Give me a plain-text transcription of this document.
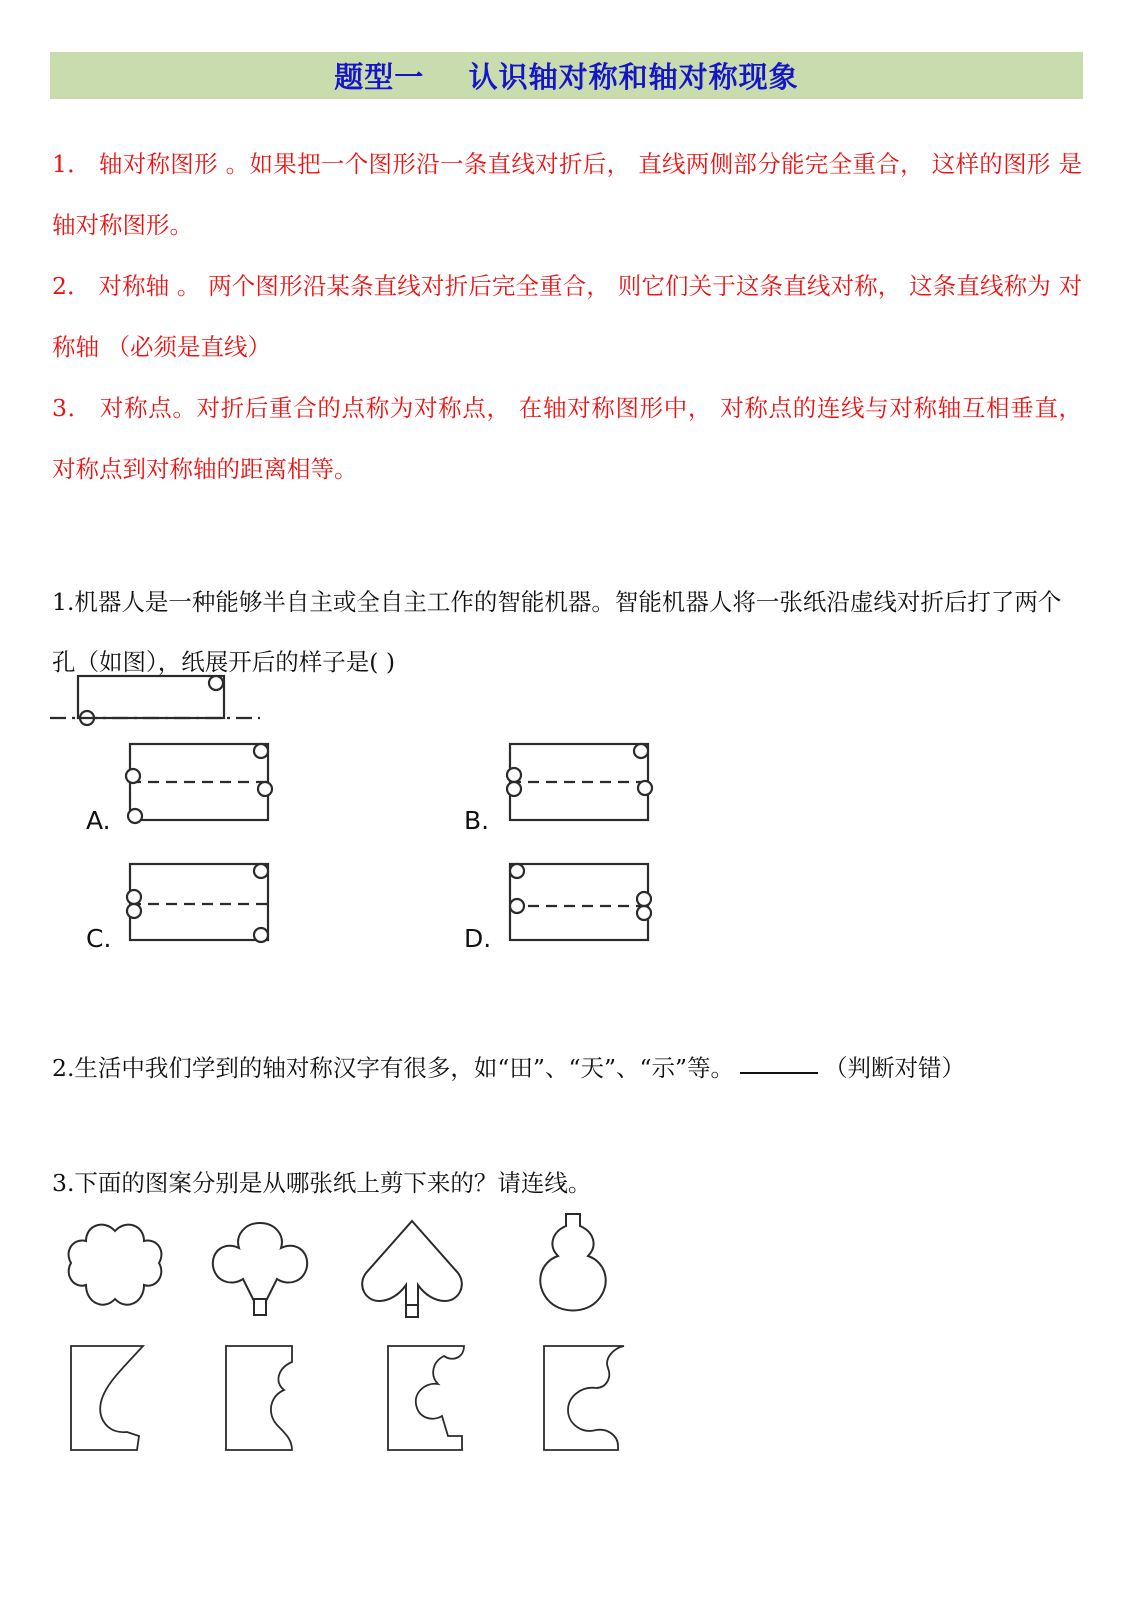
题型一    认识轴对称和轴对称现象

1． 轴对称图形 。如果把一个图形沿一条直线对折后， 直线两侧部分能完全重合， 这样的图形 是轴对称图形。

2． 对称轴 。 两个图形沿某条直线对折后完全重合， 则它们关于这条直线对称， 这条直线称为 对称轴 （必须是直线）

3． 对称点。对折后重合的点称为对称点， 在轴对称图形中， 对称点的连线与对称轴互相垂直， 对称点到对称轴的距离相等。

1.机器人是一种能够半自主或全自主工作的智能机器。智能机器人将一张纸沿虚线对折后打了两个孔（如图），纸展开后的样子是( )

A.	B.
C.	D.

2.生活中我们学到的轴对称汉字有很多，如“田”、“天”、“示”等。	（判断对错）

3.下面的图案分别是从哪张纸上剪下来的？请连线。
